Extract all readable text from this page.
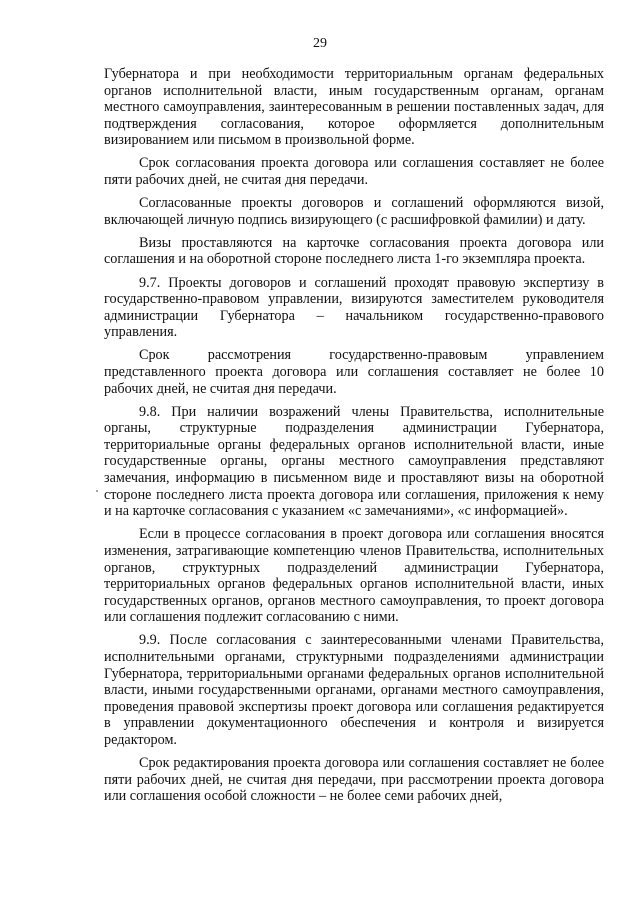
29

Губернатора и при необходимости территориальным органам федеральных органов исполнительной власти, иным государственным органам, органам местного самоуправления, заинтересованным в решении поставленных задач, для подтверждения согласования, которое оформляется дополнительным визированием или письмом в произвольной форме.

Срок согласования проекта договора или соглашения составляет не более пяти рабочих дней, не считая дня передачи.

Согласованные проекты договоров и соглашений оформляются визой, включающей личную подпись визирующего (с расшифровкой фамилии) и дату.

Визы проставляются на карточке согласования проекта договора или соглашения и на оборотной стороне последнего листа 1-го экземпляра проекта.

9.7. Проекты договоров и соглашений проходят правовую экспертизу в государственно-правовом управлении, визируются заместителем руководителя администрации Губернатора – начальником государственно-правового управления.

Срок рассмотрения государственно-правовым управлением представленного проекта договора или соглашения составляет не более 10 рабочих дней, не считая дня передачи.

9.8. При наличии возражений члены Правительства, исполнительные органы, структурные подразделения администрации Губернатора, территориальные органы федеральных органов исполнительной власти, иные государственные органы, органы местного самоуправления представляют замечания, информацию в письменном виде и проставляют визы на оборотной стороне последнего листа проекта договора или соглашения, приложения к нему и на карточке согласования с указанием «с замечаниями», «с информацией».

Если в процессе согласования в проект договора или соглашения вносятся изменения, затрагивающие компетенцию членов Правительства, исполнительных органов, структурных подразделений администрации Губернатора, территориальных органов федеральных органов исполнительной власти, иных государственных органов, органов местного самоуправления, то проект договора или соглашения подлежит согласованию с ними.

9.9. После согласования с заинтересованными членами Правительства, исполнительными органами, структурными подразделениями администрации Губернатора, территориальными органами федеральных органов исполнительной власти, иными государственными органами, органами местного самоуправления, проведения правовой экспертизы проект договора или соглашения редактируется в управлении документационного обеспечения и контроля и визируется редактором.

Срок редактирования проекта договора или соглашения составляет не более пяти рабочих дней, не считая дня передачи, при рассмотрении проекта договора или соглашения особой сложности – не более семи рабочих дней,
